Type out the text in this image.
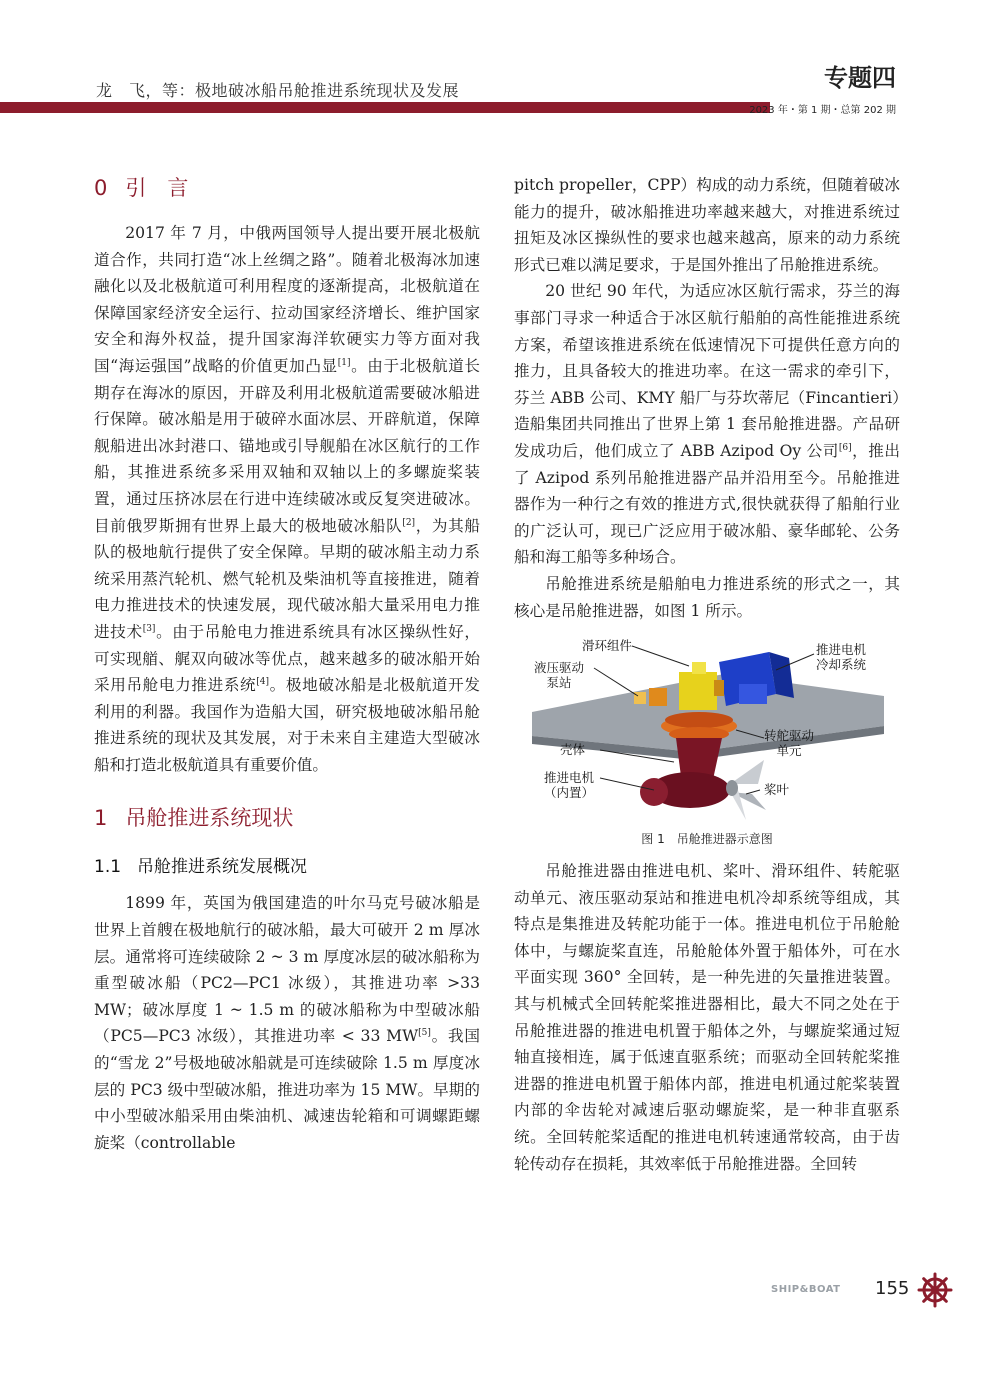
龙　飞，等：极地破冰船吊舱推进系统现状及发展	专题四
2023 年・第 1 期・总第 202 期
0 引　言

2017 年 7 月，中俄两国领导人提出要开展北极航道合作，共同打造“冰上丝绸之路”。随着北极海冰加速融化以及北极航道可利用程度的逐渐提高，北极航道在保障国家经济安全运行、拉动国家经济增长、维护国家安全和海外权益，提升国家海洋软硬实力等方面对我国“海运强国”战略的价值更加凸显[1]。由于北极航道长期存在海冰的原因，开辟及利用北极航道需要破冰船进行保障。破冰船是用于破碎水面冰层、开辟航道，保障舰船进出冰封港口、锚地或引导舰船在冰区航行的工作船，其推进系统多采用双轴和双轴以上的多螺旋桨装置，通过压挤冰层在行进中连续破冰或反复突进破冰。目前俄罗斯拥有世界上最大的极地破冰船队[2]，为其船队的极地航行提供了安全保障。早期的破冰船主动力系统采用蒸汽轮机、燃气轮机及柴油机等直接推进，随着电力推进技术的快速发展，现代破冰船大量采用电力推进技术[3]。由于吊舱电力推进系统具有冰区操纵性好，可实现艏、艉双向破冰等优点，越来越多的破冰船开始采用吊舱电力推进系统[4]。极地破冰船是北极航道开发利用的利器。我国作为造船大国，研究极地破冰船吊舱推进系统的现状及其发展，对于未来自主建造大型破冰船和打造北极航道具有重要价值。

1 吊舱推进系统现状
1.1 吊舱推进系统发展概况

1899 年，英国为俄国建造的叶尔马克号破冰船是世界上首艘在极地航行的破冰船，最大可破开 2 m 厚冰层。通常将可连续破除 2 ~ 3 m 厚度冰层的破冰船称为重型破冰船（PC2—PC1 冰级），其推进功率 >33 MW；破冰厚度 1 ~ 1.5 m 的破冰船称为中型破冰船（PC5—PC3 冰级），其推进功率 < 33 MW[5]。我国的“雪龙 2”号极地破冰船就是可连续破除 1.5 m 厚度冰层的 PC3 级中型破冰船，推进功率为 15 MW。早期的中小型破冰船采用由柴油机、减速齿轮箱和可调螺距螺旋桨（controllable

pitch propeller，CPP）构成的动力系统，但随着破冰能力的提升，破冰船推进功率越来越大，对推进系统过扭矩及冰区操纵性的要求也越来越高，原来的动力系统形式已难以满足要求，于是国外推出了吊舱推进系统。

20 世纪 90 年代，为适应冰区航行需求，芬兰的海事部门寻求一种适合于冰区航行船舶的高性能推进系统方案，希望该推进系统在低速情况下可提供任意方向的推力，且具备较大的推进功率。在这一需求的牵引下，芬兰 ABB 公司、KMY 船厂与芬坎蒂尼（Fincantieri）造船集团共同推出了世界上第 1 套吊舱推进器。产品研发成功后，他们成立了 ABB Azipod Oy 公司[6]，推出了 Azipod 系列吊舱推进器产品并沿用至今。吊舱推进器作为一种行之有效的推进方式,很快就获得了船舶行业的广泛认可，现已广泛应用于破冰船、豪华邮轮、公务船和海工船等多种场合。

吊舱推进系统是船舶电力推进系统的形式之一，其核心是吊舱推进器，如图 1 所示。

滑环组件
液压驱动
泵站
推进电机
冷却系统
转舵驱动
单元
壳体
推进电机
（内置）	桨叶
图 1　吊舱推进器示意图

吊舱推进器由推进电机、桨叶、滑环组件、转舵驱动单元、液压驱动泵站和推进电机冷却系统等组成，其特点是集推进及转舵功能于一体。推进电机位于吊舱舱体中，与螺旋桨直连，吊舱舱体外置于船体外，可在水平面实现 360° 全回转，是一种先进的矢量推进装置。其与机械式全回转舵桨推进器相比，最大不同之处在于吊舱推进器的推进电机置于船体之外，与螺旋桨通过短轴直接相连，属于低速直驱系统；而驱动全回转舵桨推进器的推进电机置于船体内部，推进电机通过舵桨装置内部的伞齿轮对减速后驱动螺旋桨，是一种非直驱系统。全回转舵桨适配的推进电机转速通常较高，由于齿轮传动存在损耗，其效率低于吊舱推进器。全回转

SHIP&BOAT 155
